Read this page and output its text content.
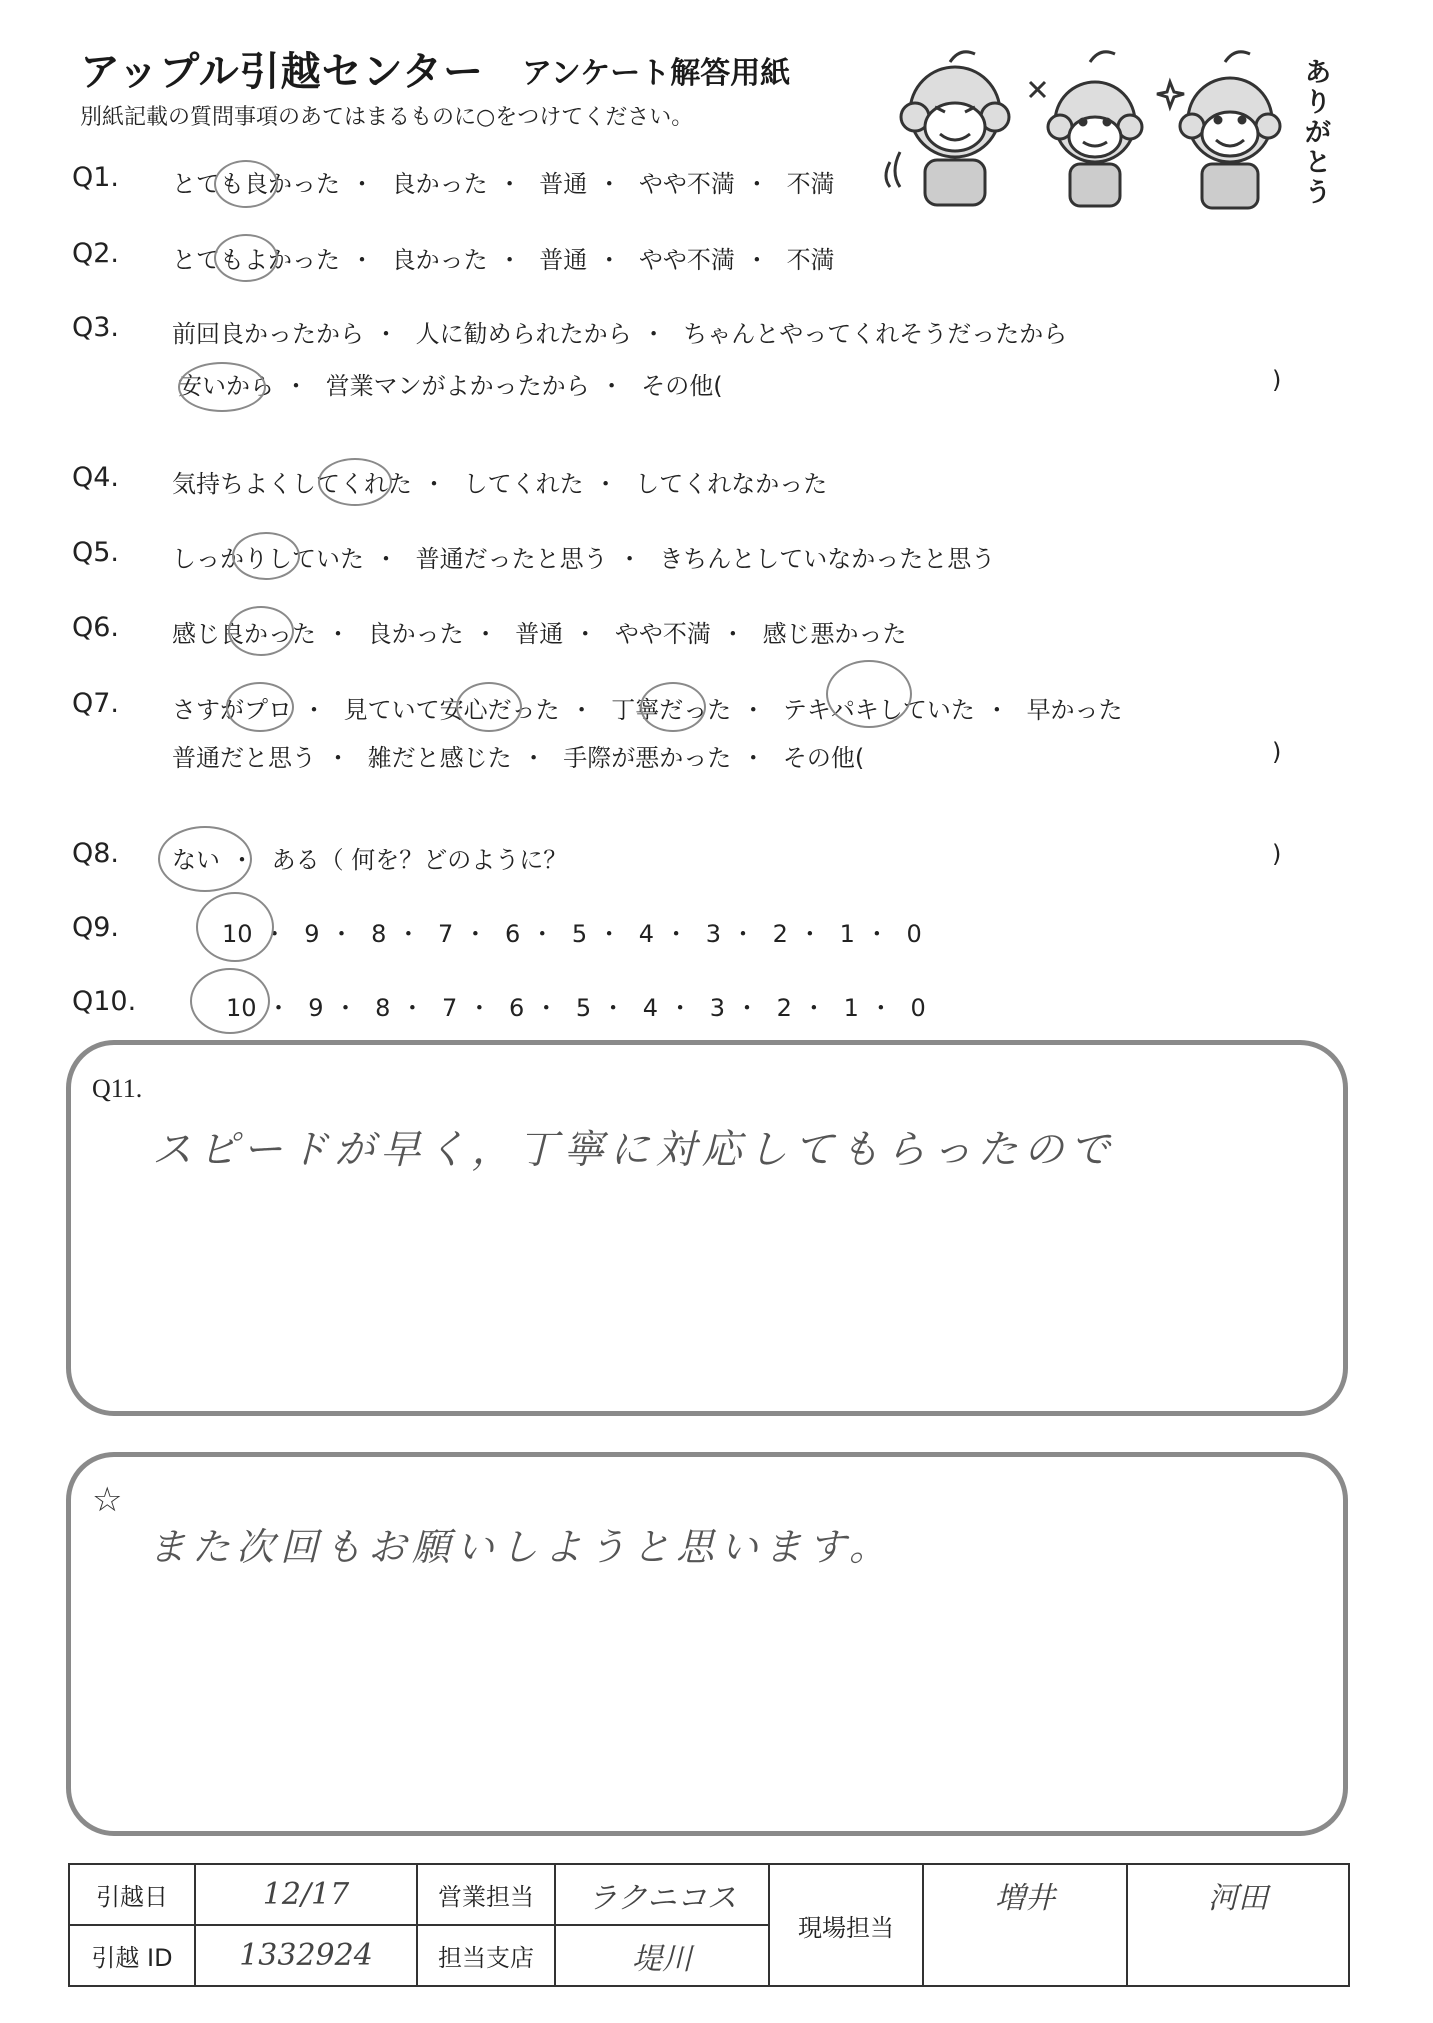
アップル引越センター アンケート解答用紙
別紙記載の質問事項のあてはまるものに○をつけてください。
ありがとう
Q1. とても良かった ・ 良かった ・ 普通 ・ やや不満 ・ 不満
Q2. とてもよかった ・ 良かった ・ 普通 ・ やや不満 ・ 不満
Q3. 前回良かったから ・ 人に勧められたから ・ ちゃんとやってくれそうだったから
安いから ・ 営業マンがよかったから ・ その他(	)
Q4. 気持ちよくしてくれた ・ してくれた ・ してくれなかった
Q5. しっかりしていた ・ 普通だったと思う ・ きちんとしていなかったと思う
Q6. 感じ良かった ・ 良かった ・ 普通 ・ やや不満 ・ 感じ悪かった
Q7. さすがプロ ・ 見ていて安心だった ・ 丁寧だった ・ テキパキしていた ・ 早かった
普通だと思う ・ 雑だと感じた ・ 手際が悪かった ・ その他(	)
Q8. ない ・ ある（ 何を？どのように？	)
Q9.	10 ・ 9 ・ 8 ・ 7 ・ 6 ・ 5 ・ 4 ・ 3 ・ 2 ・ 1 ・ 0
Q10.	10 ・ 9 ・ 8 ・ 7 ・ 6 ・ 5 ・ 4 ・ 3 ・ 2 ・ 1 ・ 0
Q11.
スピードが早く，丁寧に対応してもらったので
☆
また次回もお願いしようと思います。
引越日	12/17	営業担当	ラクニコス	現場担当	増井	河田
引越 ID	1332924	担当支店	堤川			
